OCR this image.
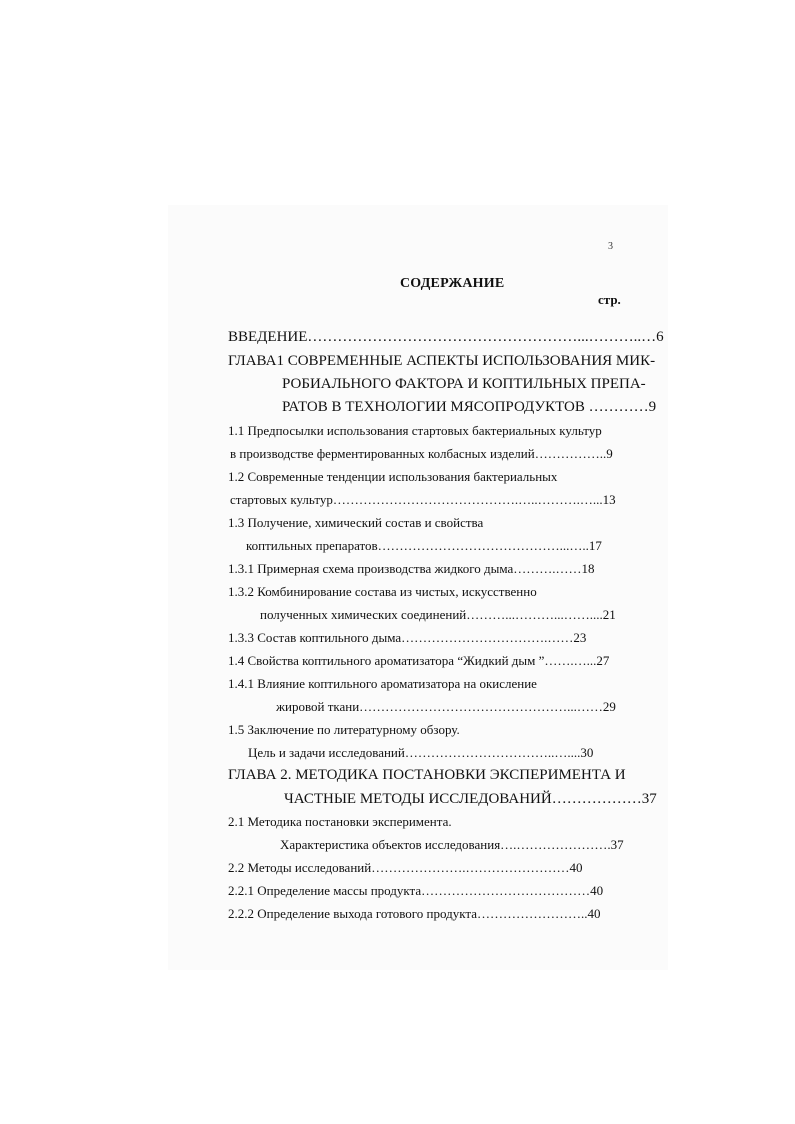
3
СОДЕРЖАНИЕ
стр.
ВВЕДЕНИЕ………………………………………………...………..…6
ГЛАВА1 СОВРЕМЕННЫЕ АСПЕКТЫ ИСПОЛЬЗОВАНИЯ МИК-
РОБИАЛЬНОГО ФАКТОРА И КОПТИЛЬНЫХ ПРЕПА-
РАТОВ В ТЕХНОЛОГИИ МЯСОПРОДУКТОВ …………9
1.1 Предпосылки использования стартовых бактериальных культур
в производстве ферментированных колбасных изделий……………..9
1.2 Современные тенденции использования бактериальных
стартовых культур…………………………………….…..……….…...13
1.3 Получение, химический состав и свойства
коптильных препаратов……………………………………...…..17
1.3.1 Примерная схема производства жидкого дыма……….……18
1.3.2 Комбинирование состава из чистых, искусственно
полученных химических соединений………...………...……....21
1.3.3 Состав коптильного дыма…………………………….……23
1.4 Свойства коптильного ароматизатора “Жидкий дым ”…….…...27
1.4.1 Влияние коптильного ароматизатора на окисление
жировой ткани…………………………………………...……29
1.5 Заключение по литературному обзору.
Цель и задачи исследований……………………………..…....30
ГЛАВА 2. МЕТОДИКА ПОСТАНОВКИ ЭКСПЕРИМЕНТА И
ЧАСТНЫЕ МЕТОДЫ ИССЛЕДОВАНИЙ………………37
2.1 Методика постановки эксперимента.
Характеристика объектов исследования….………………….37
2.2 Методы исследований………………….……………………40
2.2.1 Определение массы продукта…………………………………40
2.2.2 Определение выхода готового продукта……………………..40
